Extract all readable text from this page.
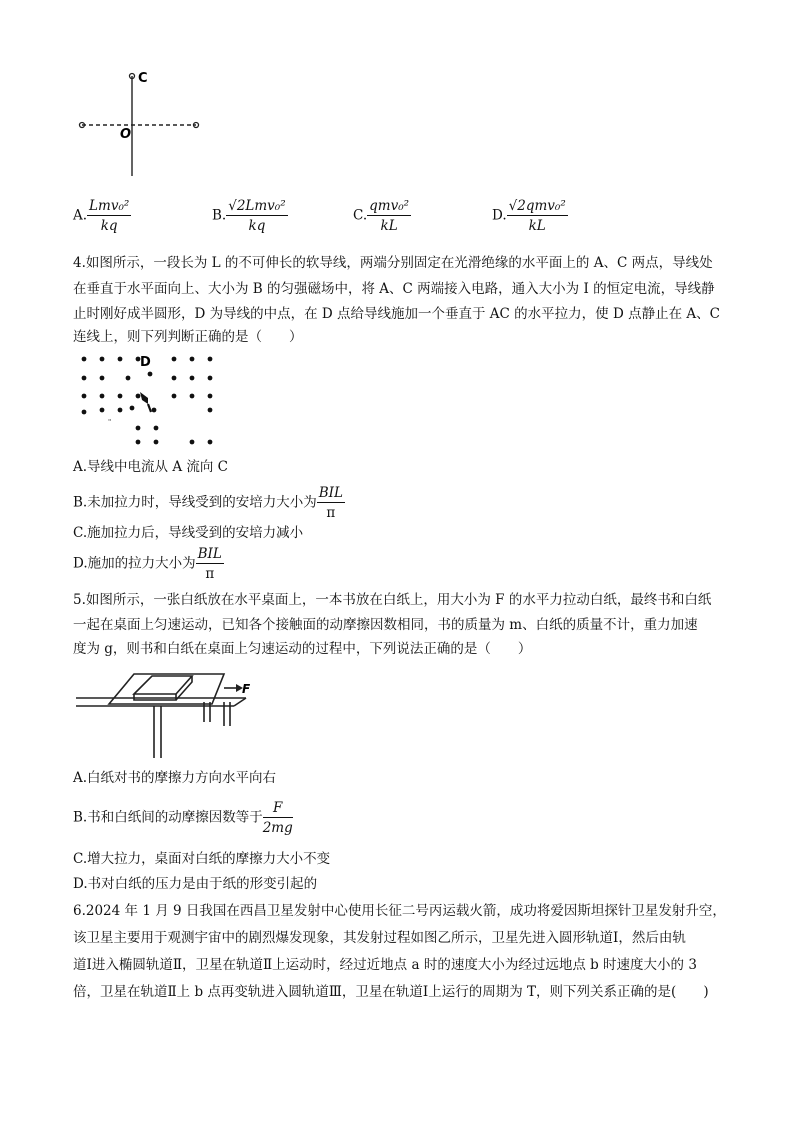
C
O
A. $\frac{\text{Lmv₀²}}{kq}$	B. $\frac{\text{√2Lmv₀²}}{kq}$	C. $\frac{\text{qmv₀²}}{kL}$	D. $\frac{\text{√2qmv₀²}}{kL}$
4.如图所示，一段长为 L 的不可伸长的软导线，两端分别固定在光滑绝缘的水平面上的 A、C 两点，导线处
在垂直于水平面向上、大小为 B 的匀强磁场中，将 A、C 两端接入电路，通入大小为 I 的恒定电流，导线静
止时刚好成半圆形，D 为导线的中点，在 D 点给导线施加一个垂直于 AC 的水平拉力，使 D 点静止在 A、C
连线上，则下列判断正确的是（　　）
"
D
A.导线中电流从 A 流向 C
B.未加拉力时，导线受到的安培力大小为 $\frac{\text{BIL}}{\pi}$
C.施加拉力后，导线受到的安培力减小
D.施加的拉力大小为 $\frac{\text{BIL}}{\pi}$
5.如图所示，一张白纸放在水平桌面上，一本书放在白纸上，用大小为 F 的水平力拉动白纸，最终书和白纸
一起在桌面上匀速运动，已知各个接触面的动摩擦因数相同，书的质量为 m、白纸的质量不计，重力加速
度为 g，则书和白纸在桌面上匀速运动的过程中，下列说法正确的是（　　）
F
A.白纸对书的摩擦力方向水平向右
B.书和白纸间的动摩擦因数等于 $\frac{F}{2mg}$
C.增大拉力，桌面对白纸的摩擦力大小不变
D.书对白纸的压力是由于纸的形变引起的
6.2024 年 1 月 9 日我国在西昌卫星发射中心使用长征二号丙运载火箭，成功将爱因斯坦探针卫星发射升空，
该卫星主要用于观测宇宙中的剧烈爆发现象，其发射过程如图乙所示，卫星先进入圆形轨道Ⅰ，然后由轨
道Ⅰ进入椭圆轨道Ⅱ，卫星在轨道Ⅱ上运动时，经过近地点 a 时的速度大小为经过远地点 b 时速度大小的 3
倍，卫星在轨道Ⅱ上 b 点再变轨进入圆轨道Ⅲ，卫星在轨道Ⅰ上运行的周期为 T，则下列关系正确的是(　　)
